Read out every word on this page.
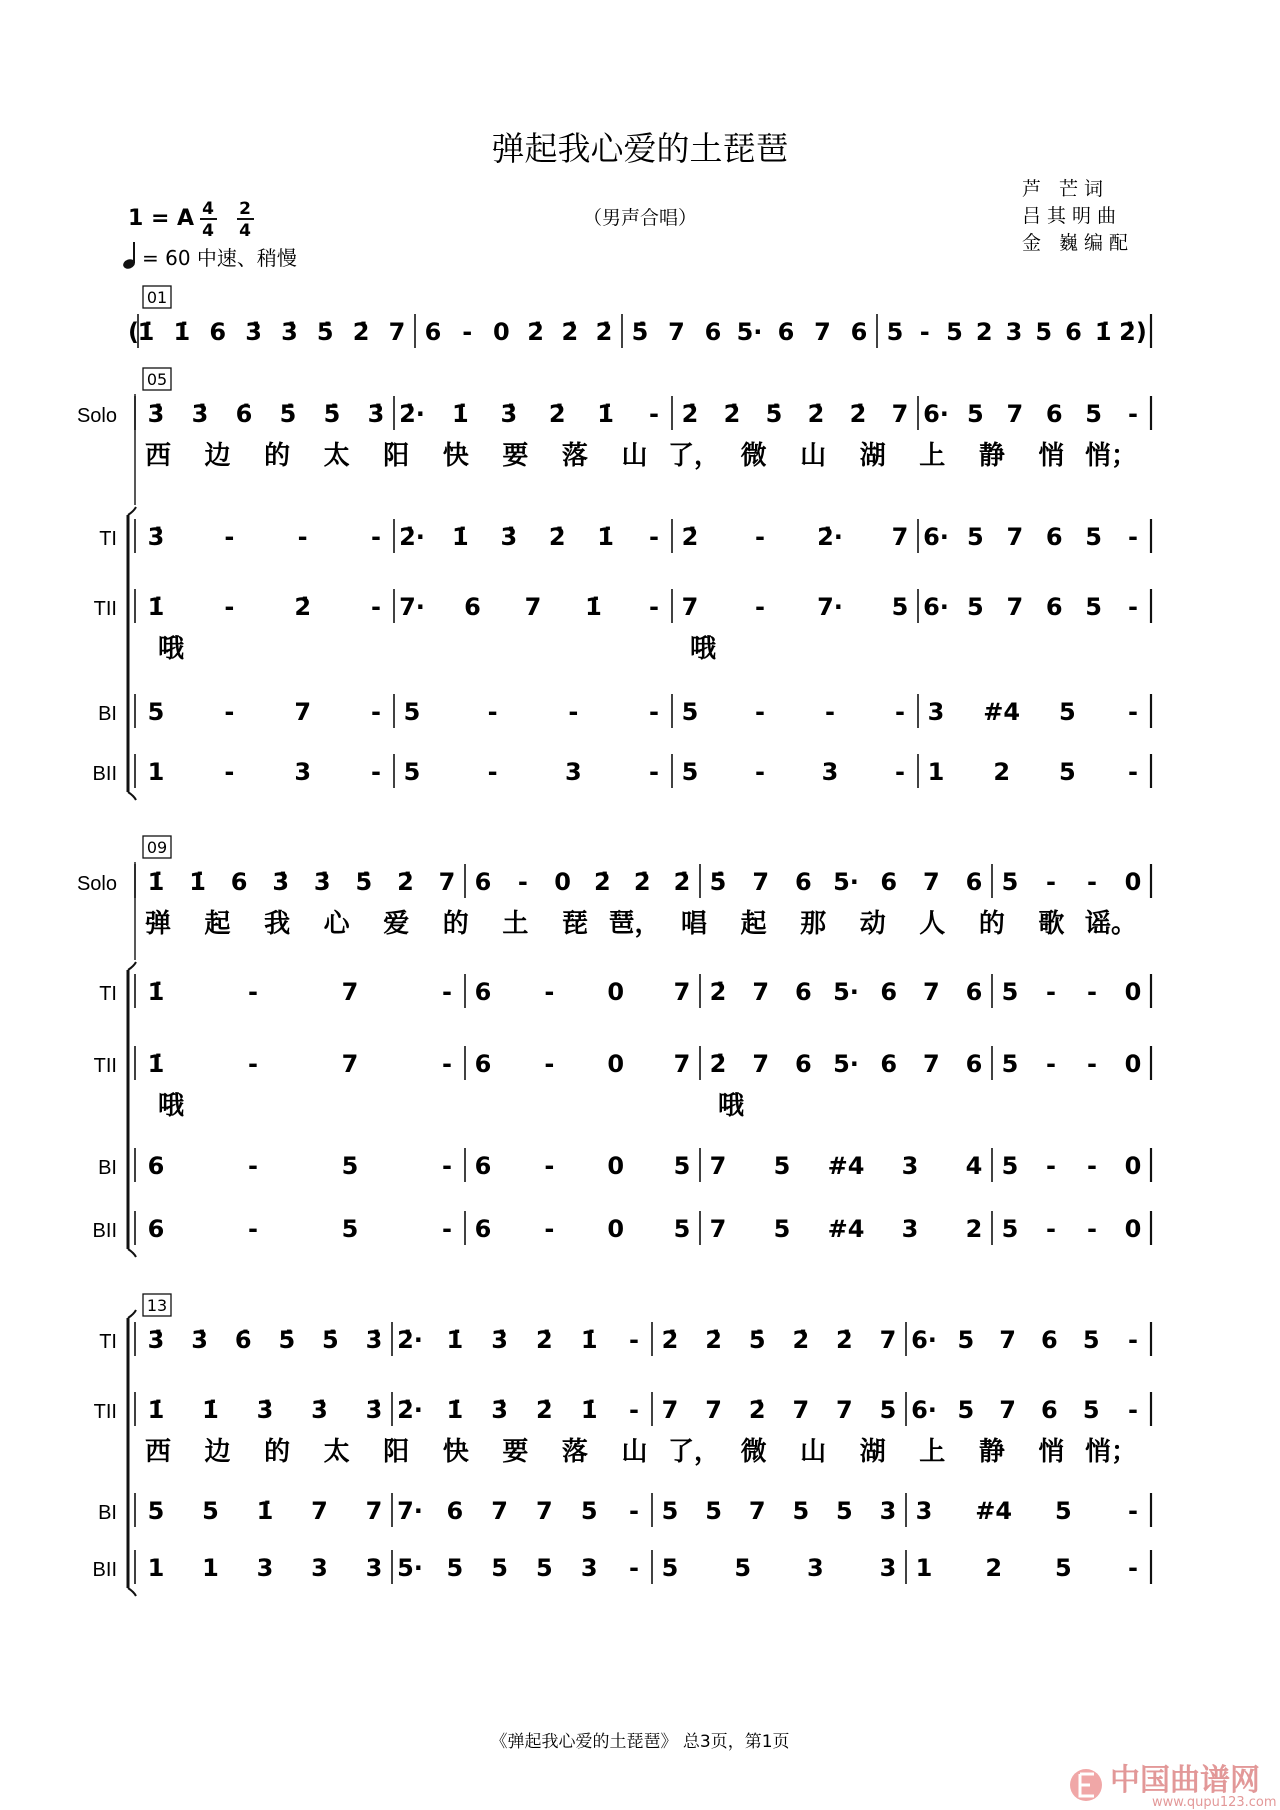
弹起我心爱的土琵琶
1 = A 4
4
2
4
= 60 中速、稍慢
（男声合唱）
芦 芒词
吕其明曲
金 巍编配
01
(
1̇ 1̇ 6 3̇ 3̇ 5̇ 2̇ 7 6 - 0 2̇ 2̇ 2̇ 5̇ 7 6 5· 6 7 6 5 - 5 2 3 5 6 1̇ 2̇)
05
Solo 3̇ 3̇ 6̇ 5̇ 5̇ 3̇ 2̇· 1̇ 3̇ 2̇ 1̇ - 2̇ 2̇ 5̇ 2̇ 2̇ 7 6· 5 7 6 5 -
西 边 的 太 阳 快 要 落 山 了， 微 山 湖 上 静 悄 悄；
TI 3̇ -	-	- 2̇· 1̇ 3̇ 2̇ 1̇ - 2̇ - 2̇· 7 6· 5 7 6 5 -
TII 1̇ - 2̇ - 7· 6 7 1̇ - 7 - 7· 5 6· 5 7 6 5 -
哦	哦
BI 5 - 7 - 5	-	-	- 5 -	-	- 3 #4 5 -
BII 1 - 3 - 5	-	3	- 5 - 3 - 1 2 5 -
09
Solo 1̇ 1̇ 6 3̇ 3̇ 5̇ 2̇ 7 6 - 0 2̇ 2̇ 2̇ 5̇ 7 6 5· 6 7 6 5 - - 0
弹 起 我 心 爱 的 土 琵 琶， 唱 起 那 动 人 的 歌 谣。
TI 1̇	-	7	- 6 - 0 7 2̇ 7 6 5· 6 7 6 5 - - 0
TII 1̇	-	7	- 6 - 0 7 2̇ 7 6 5· 6 7 6 5 - - 0
哦	哦
BI 6	-	5	- 6 - 0 5 7 5 #4 3 4 5 - - 0
BII 6	-	5	- 6 - 0 5 7 5 #4 3 2 5 - - 0
13
TI 3̇ 3̇ 6̇ 5̇ 5̇ 3̇ 2̇· 1̇ 3̇ 2̇ 1̇ - 2̇ 2̇ 5̇ 2̇ 2̇ 7 6· 5 7 6 5 -
TII 1̇ 1̇ 3̇ 3̇ 3̇ 2̇· 1̇ 3̇ 2̇ 1̇ - 7 7 2̇ 7 7 5 6· 5 7 6 5 -
西 边 的 太 阳 快 要 落 山 了， 微 山 湖 上 静 悄 悄；
BI 5 5 1̇ 7 7 7· 6 7 7 5 - 5 5 7 5 5 3 3 #4 5 -
BII 1 1 3 3 3 5· 5 5 5 3 - 5 5 3 3 1 2 5 -
《弹起我心爱的土琵琶》 总3页，第1页
中国曲谱网
www.qupu123.com
